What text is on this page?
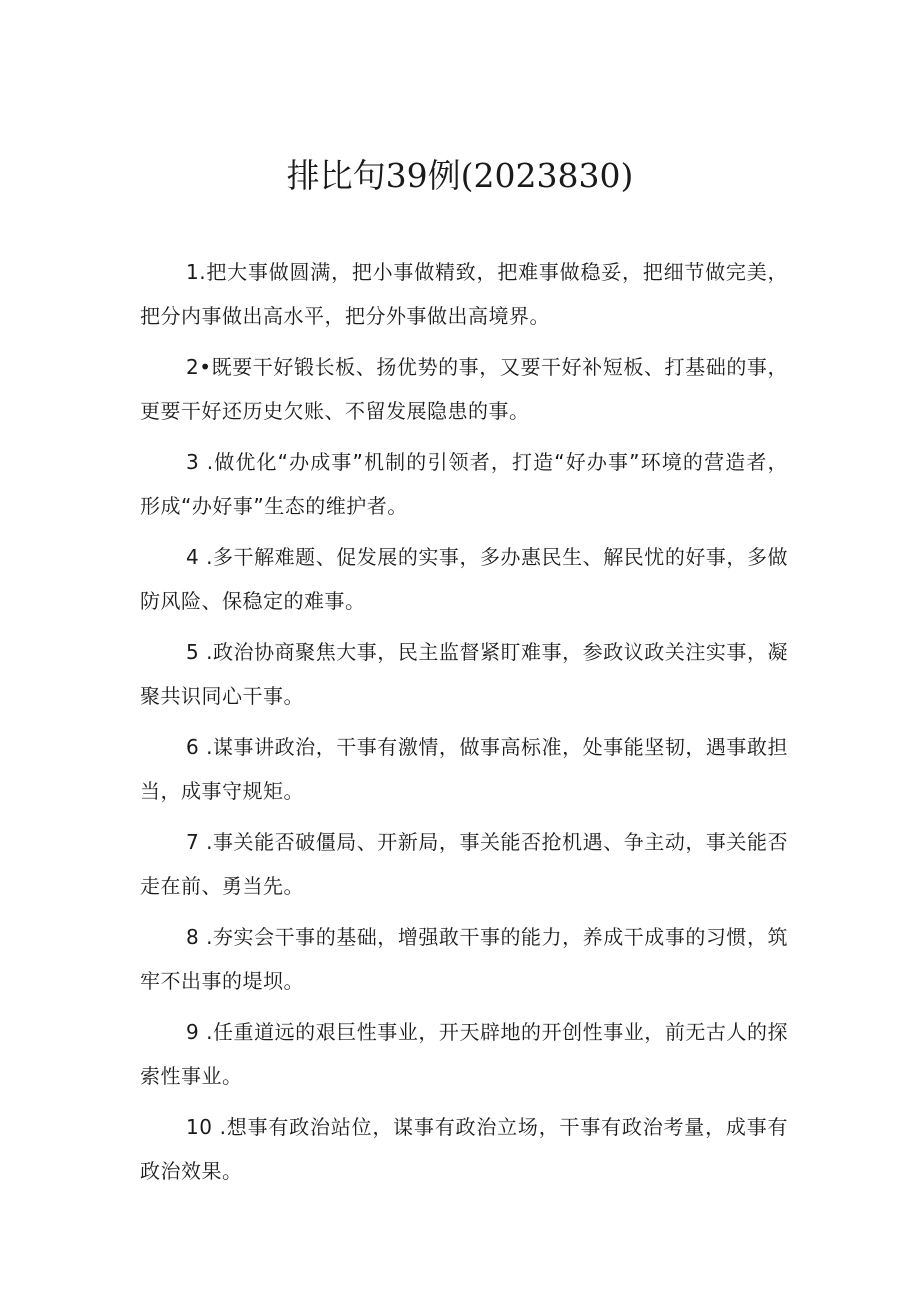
排比句39例(2023830)

1.把大事做圆满，把小事做精致，把难事做稳妥，把细节做完美，把分内事做出高水平，把分外事做出高境界。

2•既要干好锻长板、扬优势的事，又要干好补短板、打基础的事，更要干好还历史欠账、不留发展隐患的事。

3 .做优化“办成事”机制的引领者，打造“好办事”环境的营造者，形成“办好事”生态的维护者。

4 .多干解难题、促发展的实事，多办惠民生、解民忧的好事，多做防风险、保稳定的难事。

5 .政治协商聚焦大事，民主监督紧盯难事，参政议政关注实事，凝聚共识同心干事。

6 .谋事讲政治，干事有激情，做事高标准，处事能坚韧，遇事敢担当，成事守规矩。

7 .事关能否破僵局、开新局，事关能否抢机遇、争主动，事关能否走在前、勇当先。

8 .夯实会干事的基础，增强敢干事的能力，养成干成事的习惯，筑牢不出事的堤坝。

9 .任重道远的艰巨性事业，开天辟地的开创性事业，前无古人的探索性事业。

10 .想事有政治站位，谋事有政治立场，干事有政治考量，成事有政治效果。
